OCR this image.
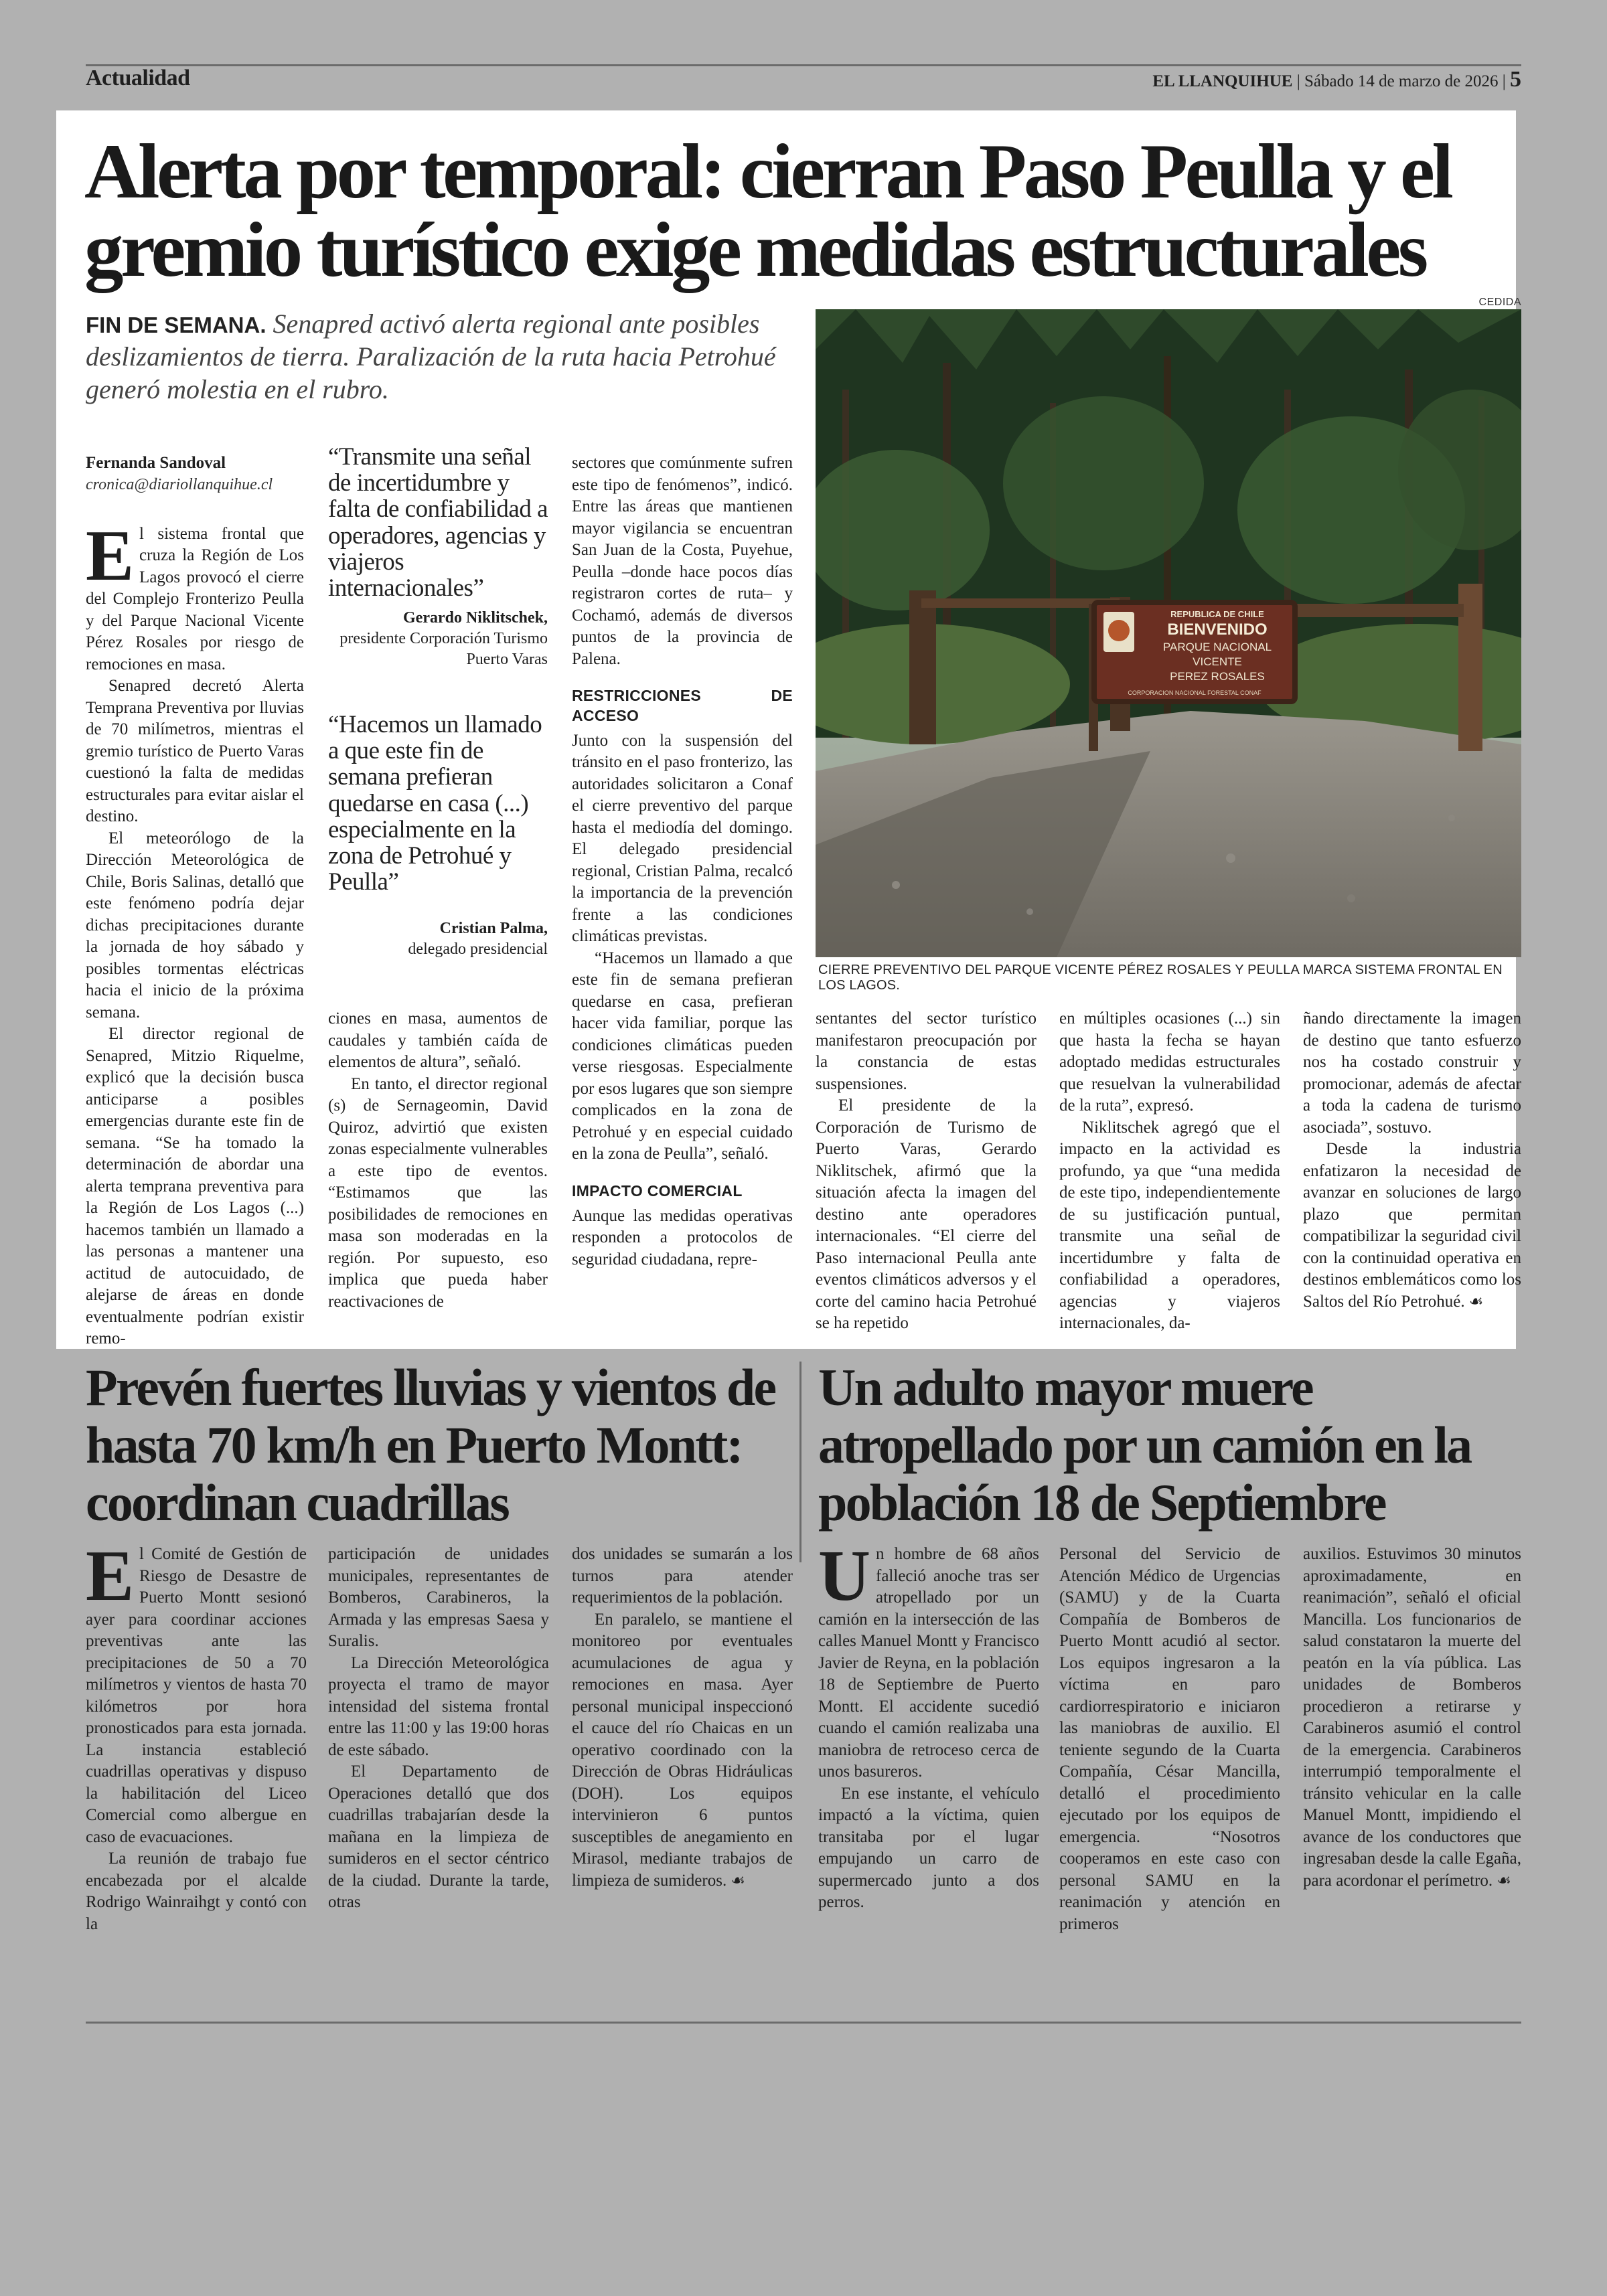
Actualidad	EL LLANQUIHUE | Sábado 14 de marzo de 2026 | 5
Alerta por temporal: cierran Paso Peulla y el gremio turístico exige medidas estructurales
FIN DE SEMANA. Senapred activó alerta regional ante posibles deslizamientos de tierra. Paralización de la ruta hacia Petrohué generó molestia en el rubro.
Fernanda Sandoval
cronica@diariollanquihue.cl

El sistema frontal que cruza la Región de Los Lagos provocó el cierre del Complejo Fronterizo Peulla y del Parque Nacional Vicente Pérez Rosales por riesgo de remociones en masa.

Senapred decretó Alerta Temprana Preventiva por lluvias de 70 milímetros, mientras el gremio turístico de Puerto Varas cuestionó la falta de medidas estructurales para evitar aislar el destino.

El meteorólogo de la Dirección Meteorológica de Chile, Boris Salinas, detalló que este fenómeno podría dejar dichas precipitaciones durante la jornada de hoy sábado y posibles tormentas eléctricas hacia el inicio de la próxima semana.

El director regional de Senapred, Mitzio Riquelme, explicó que la decisión busca anticiparse a posibles emergencias durante este fin de semana. “Se ha tomado la determinación de abordar una alerta temprana preventiva para la Región de Los Lagos (...) hacemos también un llamado a las personas a mantener una actitud de autocuidado, de alejarse de áreas en donde eventualmente podrían existir remo-

“Transmite una señal de incertidumbre y falta de confiabilidad a operadores, agencias y viajeros internacionales”
Gerardo Niklitschek,
presidente Corporación Turismo Puerto Varas
“Hacemos un llamado a que este fin de semana prefieran quedarse en casa (...) especialmente en la zona de Petrohué y Peulla”
Cristian Palma,
delegado presidencial

ciones en masa, aumentos de caudales y también caída de elementos de altura”, señaló.

En tanto, el director regional (s) de Sernageomin, David Quiroz, advirtió que existen zonas especialmente vulnerables a este tipo de eventos. “Estimamos que las posibilidades de remociones en masa son moderadas en la región. Por supuesto, eso implica que pueda haber reactivaciones de

sectores que comúnmente sufren este tipo de fenómenos”, indicó. Entre las áreas que mantienen mayor vigilancia se encuentran San Juan de la Costa, Puyehue, Peulla –donde hace pocos días registraron cortes de ruta– y Cochamó, además de diversos puntos de la provincia de Palena.

RESTRICCIONES DE ACCESO

Junto con la suspensión del tránsito en el paso fronterizo, las autoridades solicitaron a Conaf el cierre preventivo del parque hasta el mediodía del domingo. El delegado presidencial regional, Cristian Palma, recalcó la importancia de la prevención frente a las condiciones climáticas previstas.

“Hacemos un llamado a que este fin de semana prefieran quedarse en casa, prefieran hacer vida familiar, porque las condiciones climáticas pueden verse riesgosas. Especialmente por esos lugares que son siempre complicados en la zona de Petrohué y en especial cuidado en la zona de Peulla”, señaló.

IMPACTO COMERCIAL

Aunque las medidas operativas responden a protocolos de seguridad ciudadana, repre-

CEDIDA
REPUBLICA DE CHILE
BIENVENIDO
PARQUE NACIONAL
VICENTE
PEREZ ROSALES
CORPORACION NACIONAL FORESTAL CONAF
CIERRE PREVENTIVO DEL PARQUE VICENTE PÉREZ ROSALES Y PEULLA MARCA SISTEMA FRONTAL EN LOS LAGOS.

sentantes del sector turístico manifestaron preocupación por la constancia de estas suspensiones.

El presidente de la Corporación de Turismo de Puerto Varas, Gerardo Niklitschek, afirmó que la situación afecta la imagen del destino ante operadores internacionales. “El cierre del Paso internacional Peulla ante eventos climáticos adversos y el corte del camino hacia Petrohué se ha repetido

en múltiples ocasiones (...) sin que hasta la fecha se hayan adoptado medidas estructurales que resuelvan la vulnerabilidad de la ruta”, expresó.

Niklitschek agregó que el impacto en la actividad es profundo, ya que “una medida de este tipo, independientemente de su justificación puntual, transmite una señal de incertidumbre y falta de confiabilidad a operadores, agencias y viajeros internacionales, da-

ñando directamente la imagen de destino que tanto esfuerzo nos ha costado construir y promocionar, además de afectar a toda la cadena de turismo asociada”, sostuvo.

Desde la industria enfatizaron la necesidad de avanzar en soluciones de largo plazo que permitan compatibilizar la seguridad civil con la continuidad operativa en destinos emblemáticos como los Saltos del Río Petrohué. ☙

Prevén fuertes lluvias y vientos de hasta 70 km/h en Puerto Montt: coordinan cuadrillas

El Comité de Gestión de Riesgo de Desastre de Puerto Montt sesionó ayer para coordinar acciones preventivas ante las precipitaciones de 50 a 70 milímetros y vientos de hasta 70 kilómetros por hora pronosticados para esta jornada. La instancia estableció cuadrillas operativas y dispuso la habilitación del Liceo Comercial como albergue en caso de evacuaciones.

La reunión de trabajo fue encabezada por el alcalde Rodrigo Wainraihgt y contó con la

participación de unidades municipales, representantes de Bomberos, Carabineros, la Armada y las empresas Saesa y Suralis.

La Dirección Meteorológica proyecta el tramo de mayor intensidad del sistema frontal entre las 11:00 y las 19:00 horas de este sábado.

El Departamento de Operaciones detalló que dos cuadrillas trabajarían desde la mañana en la limpieza de sumideros en el sector céntrico de la ciudad. Durante la tarde, otras

dos unidades se sumarán a los turnos para atender requerimientos de la población.

En paralelo, se mantiene el monitoreo por eventuales acumulaciones de agua y remociones en masa. Ayer personal municipal inspeccionó el cauce del río Chaicas en un operativo coordinado con la Dirección de Obras Hidráulicas (DOH). Los equipos intervinieron 6 puntos susceptibles de anegamiento en Mirasol, mediante trabajos de limpieza de sumideros. ☙

Un adulto mayor muere atropellado por un camión en la población 18 de Septiembre

Un hombre de 68 años falleció anoche tras ser atropellado por un camión en la intersección de las calles Manuel Montt y Francisco Javier de Reyna, en la población 18 de Septiembre de Puerto Montt. El accidente sucedió cuando el camión realizaba una maniobra de retroceso cerca de unos basureros.

En ese instante, el vehículo impactó a la víctima, quien transitaba por el lugar empujando un carro de supermercado junto a dos perros.

Personal del Servicio de Atención Médico de Urgencias (SAMU) y de la Cuarta Compañía de Bomberos de Puerto Montt acudió al sector. Los equipos ingresaron a la víctima en paro cardiorrespiratorio e iniciaron las maniobras de auxilio. El teniente segundo de la Cuarta Compañía, César Mancilla, detalló el procedimiento ejecutado por los equipos de emergencia. “Nosotros cooperamos en este caso con personal SAMU en la reanimación y atención en primeros

auxilios. Estuvimos 30 minutos aproximadamente, en reanimación”, señaló el oficial Mancilla. Los funcionarios de salud constataron la muerte del peatón en la vía pública. Las unidades de Bomberos procedieron a retirarse y Carabineros asumió el control de la emergencia. Carabineros interrumpió temporalmente el tránsito vehicular en la calle Manuel Montt, impidiendo el avance de los conductores que ingresaban desde la calle Egaña, para acordonar el perímetro. ☙
